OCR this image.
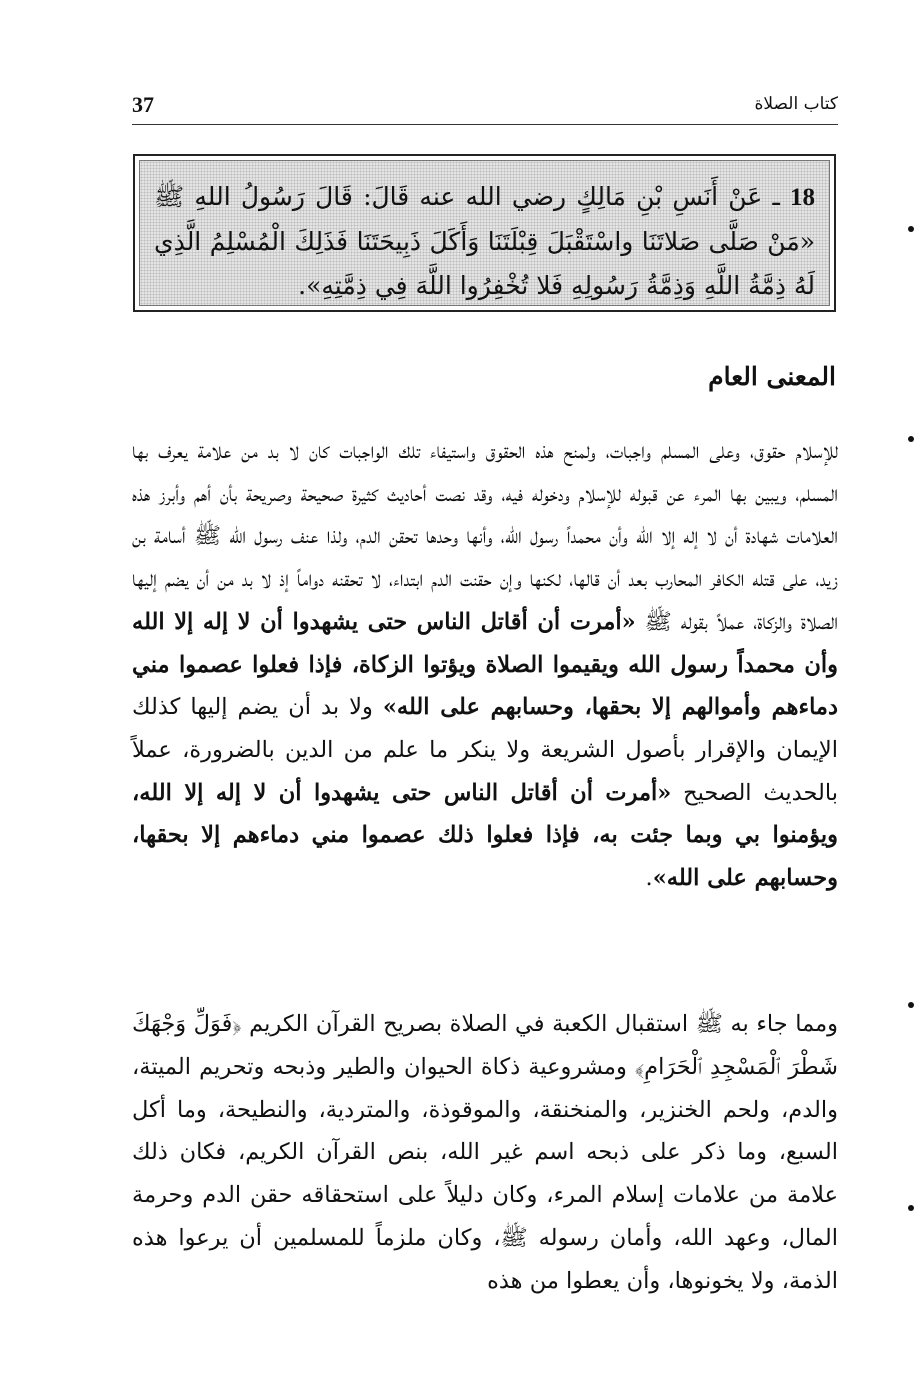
37	كتاب الصلاة
18 ـ عَنْ أَنَسِ بْنِ مَالِكٍ رضي الله عنه قَالَ: قَالَ رَسُولُ اللهِ ﷺ «مَنْ صَلَّى صَلاتَنَا واسْتَقْبَلَ قِبْلَتَنَا وَأَكَلَ ذَبِيحَتَنَا فَذَلِكَ الْمُسْلِمُ الَّذِي لَهُ ذِمَّةُ اللَّهِ وَذِمَّةُ رَسُولِهِ فَلا تُخْفِرُوا اللَّهَ فِي ذِمَّتِهِ».
المعنى العام

للإسلام حقوق، وعلى المسلم واجبات، ولمنح هذه الحقوق واستيفاء تلك الواجبات كان لا بد من علامة يعرف بها المسلم، ويبين بها المرء عن قبوله للإسلام ودخوله فيه، وقد نصت أحاديث كثيرة صحيحة وصريحة بأن أهم وأبرز هذه العلامات شهادة أن لا إله إلا الله وأن محمداً رسول الله، وأنها وحدها تحقن الدم، ولذا عنف رسول الله ﷺ أسامة بن زيد، على قتله الكافر المحارب بعد أن قالها، لكنها وإن حقنت الدم ابتداء، لا تحقنه دواماً إذ لا بد من أن يضم إليها الصلاة والزكاة، عملاً بقوله ﷺ «أمرت أن أقاتل الناس حتى يشهدوا أن لا إله إلا الله وأن محمداً رسول الله ويقيموا الصلاة ويؤتوا الزكاة، فإذا فعلوا عصموا مني دماءهم وأموالهم إلا بحقها، وحسابهم على الله» ولا بد أن يضم إليها كذلك الإيمان والإقرار بأصول الشريعة ولا ينكر ما علم من الدين بالضرورة، عملاً بالحديث الصحيح «أمرت أن أقاتل الناس حتى يشهدوا أن لا إله إلا الله، ويؤمنوا بي وبما جئت به، فإذا فعلوا ذلك عصموا مني دماءهم إلا بحقها، وحسابهم على الله».

ومما جاء به ﷺ استقبال الكعبة في الصلاة بصريح القرآن الكريم ﴿فَوَلِّ وَجْهَكَ شَطْرَ ٱلْمَسْجِدِ ٱلْحَرَامِ﴾ ومشروعية ذكاة الحيوان والطير وذبحه وتحريم الميتة، والدم، ولحم الخنزير، والمنخنقة، والموقوذة، والمتردية، والنطيحة، وما أكل السبع، وما ذكر على ذبحه اسم غير الله، بنص القرآن الكريم، فكان ذلك علامة من علامات إسلام المرء، وكان دليلاً على استحقاقه حقن الدم وحرمة المال، وعهد الله، وأمان رسوله ﷺ، وكان ملزماً للمسلمين أن يرعوا هذه الذمة، ولا يخونوها، وأن يعطوا من هذه
